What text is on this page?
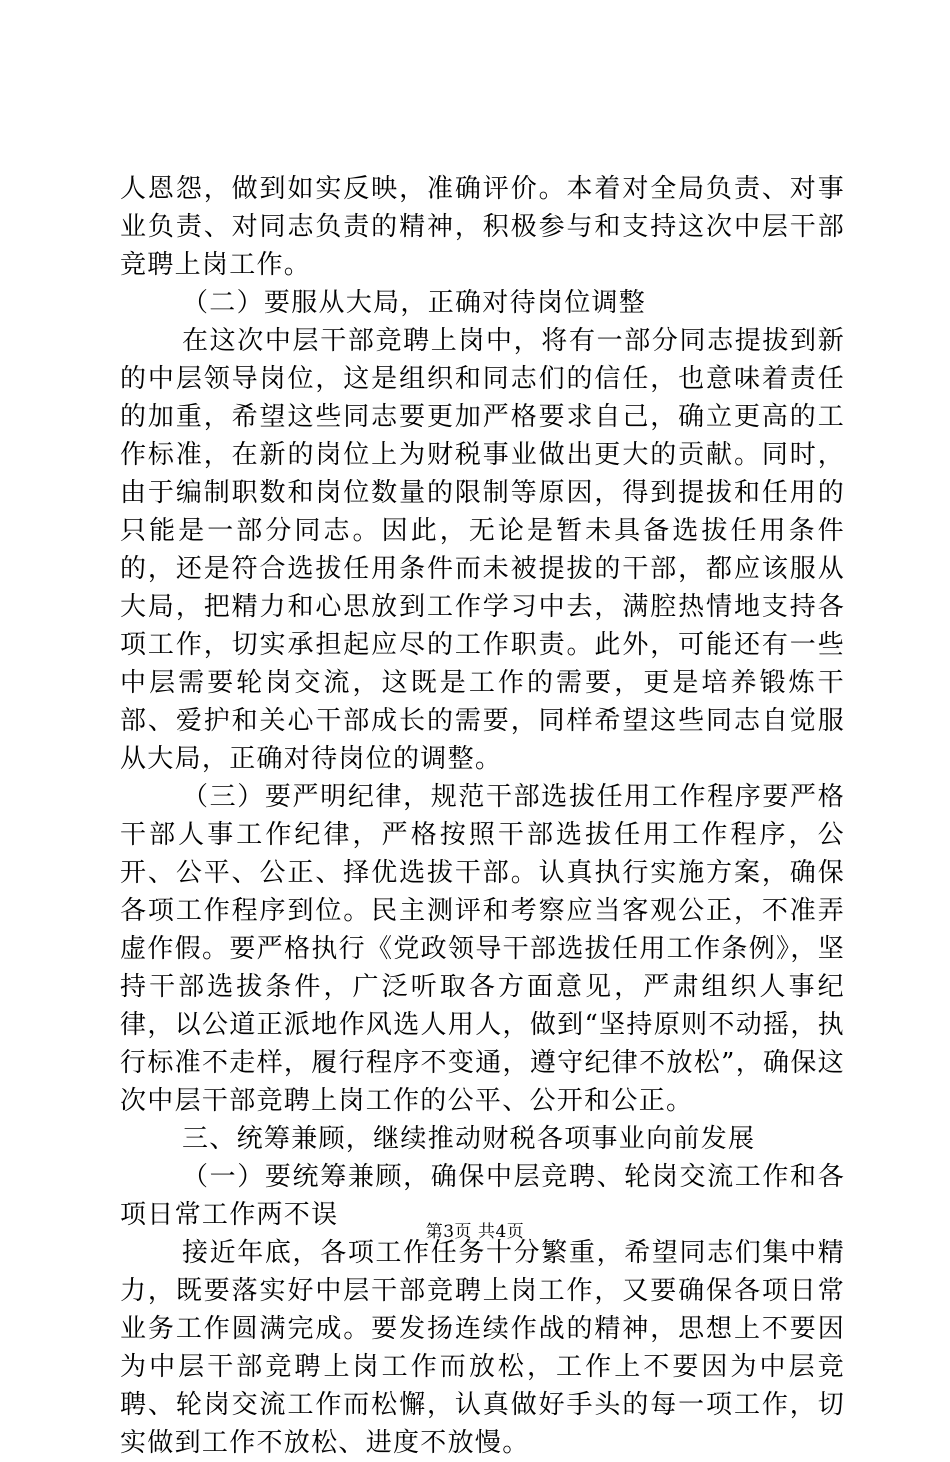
人恩怨，做到如实反映，准确评价。本着对全局负责、对事业负责、对同志负责的精神，积极参与和支持这次中层干部竞聘上岗工作。

（二）要服从大局，正确对待岗位调整

在这次中层干部竞聘上岗中，将有一部分同志提拔到新的中层领导岗位，这是组织和同志们的信任，也意味着责任的加重，希望这些同志要更加严格要求自己，确立更高的工作标准，在新的岗位上为财税事业做出更大的贡献。同时，由于编制职数和岗位数量的限制等原因，得到提拔和任用的只能是一部分同志。因此，无论是暂未具备选拔任用条件的，还是符合选拔任用条件而未被提拔的干部，都应该服从大局，把精力和心思放到工作学习中去，满腔热情地支持各项工作，切实承担起应尽的工作职责。此外，可能还有一些中层需要轮岗交流，这既是工作的需要，更是培养锻炼干部、爱护和关心干部成长的需要，同样希望这些同志自觉服从大局，正确对待岗位的调整。

（三）要严明纪律，规范干部选拔任用工作程序要严格干部人事工作纪律，严格按照干部选拔任用工作程序，公开、公平、公正、择优选拔干部。认真执行实施方案，确保各项工作程序到位。民主测评和考察应当客观公正，不准弄虚作假。要严格执行《党政领导干部选拔任用工作条例》，坚持干部选拔条件，广泛听取各方面意见，严肃组织人事纪律，以公道正派地作风选人用人，做到“坚持原则不动摇，执行标准不走样，履行程序不变通，遵守纪律不放松”，确保这次中层干部竞聘上岗工作的公平、公开和公正。

三、统筹兼顾，继续推动财税各项事业向前发展

（一）要统筹兼顾，确保中层竞聘、轮岗交流工作和各项日常工作两不误

接近年底，各项工作任务十分繁重，希望同志们集中精力，既要落实好中层干部竞聘上岗工作，又要确保各项日常业务工作圆满完成。要发扬连续作战的精神，思想上不要因为中层干部竞聘上岗工作而放松，工作上不要因为中层竞聘、轮岗交流工作而松懈，认真做好手头的每一项工作，切实做到工作不放松、进度不放慢。

第3页 共4页
